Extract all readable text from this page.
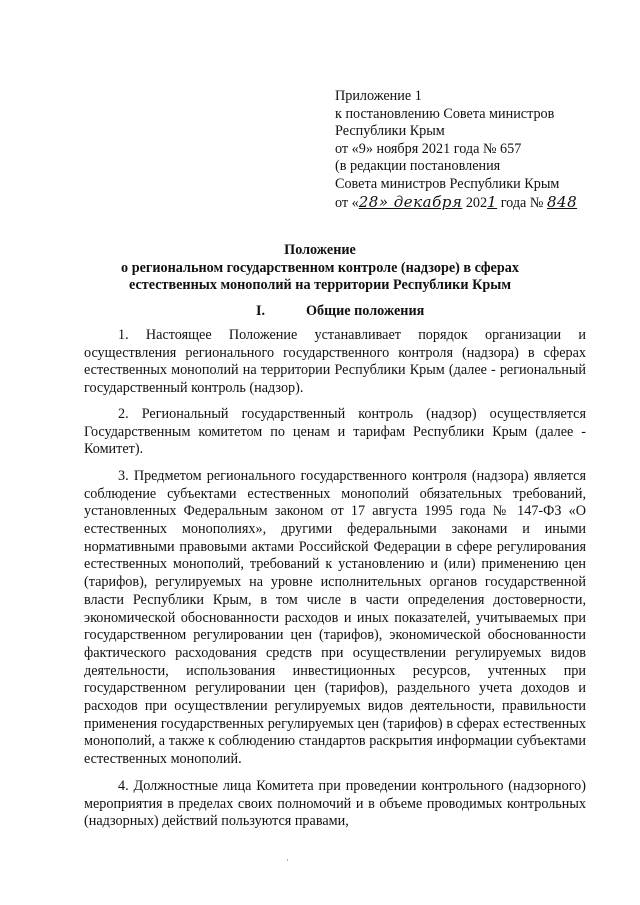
Приложение 1
к постановлению Совета министров
Республики Крым
от «9» ноября 2021 года № 657
(в редакции постановления
Совета министров Республики Крым
от «28» декабря 2021 года № 848
Положение
о региональном государственном контроле (надзоре) в сферах
естественных монополий на территории Республики Крым
I.	Общие положения

1. Настоящее Положение устанавливает порядок организации и осуществления регионального государственного контроля (надзора) в сферах естественных монополий на территории Республики Крым (далее - региональный государственный контроль (надзор).

2. Региональный государственный контроль (надзор) осуществляется Государственным комитетом по ценам и тарифам Республики Крым (далее - Комитет).

3. Предметом регионального государственного контроля (надзора) является соблюдение субъектами естественных монополий обязательных требований, установленных Федеральным законом от 17 августа 1995 года № 147-ФЗ «О естественных монополиях», другими федеральными законами и иными нормативными правовыми актами Российской Федерации в сфере регулирования естественных монополий, требований к установлению и (или) применению цен (тарифов), регулируемых на уровне исполнительных органов государственной власти Республики Крым, в том числе в части определения достоверности, экономической обоснованности расходов и иных показателей, учитываемых при государственном регулировании цен (тарифов), экономической обоснованности фактического расходования средств при осуществлении регулируемых видов деятельности, использования инвестиционных ресурсов, учтенных при государственном регулировании цен (тарифов), раздельного учета доходов и расходов при осуществлении регулируемых видов деятельности, правильности применения государственных регулируемых цен (тарифов) в сферах естественных монополий, а также к соблюдению стандартов раскрытия информации субъектами естественных монополий.

4. Должностные лица Комитета при проведении контрольного (надзорного) мероприятия в пределах своих полномочий и в объеме проводимых контрольных (надзорных) действий пользуются правами,

·
